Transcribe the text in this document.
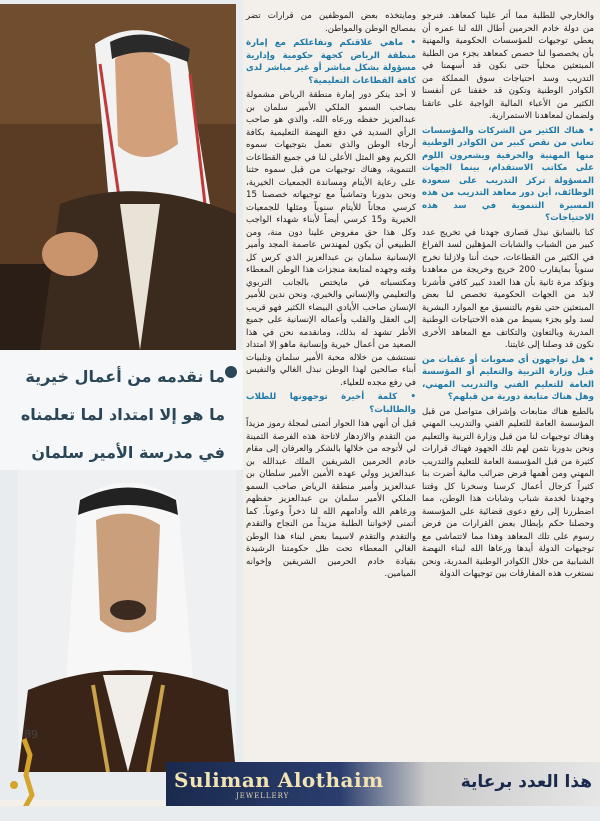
ما نقدمه من أعمال خيرية
ما هو إلا امتداد لما تعلمناه
في مدرسة الأمير سلمان

والخارجي للطلبة مما أثر علينا كمعاهد. فنرجو من دولة خادم الحرمين أطال الله لنا عمره أن يعطي توجيهات للمؤسسات الحكومية والمهنية بأن يخصصوا لنا حصص كمعاهد بجزء من الطلبة المبتعثين محلياً حتى نكون قد أسهمنا في التدريب وسد احتياجات سوق المملكة من الكوادر الوطنية وتكون قد خففنا عن أنفسنا الكثير من الأعباء المالية الواجبة على عاتقنا ولضمان لمعاهدنا الاستمرارية.

• هناك الكثير من الشركات والمؤسسات تعاني من نقص كبير من الكوادر الوطنية منها المهنية والحرفية ويشعرون اللوم على مكاتب الاستقدام، بينما الجهات المسؤولة تركز التدريب على سعودة الوظائف، أين دور معاهد التدريب من هذه المسيرة التنموية في سد هذه الاحتياجات؟

كنا بالسابق نبذل قصارى جهدنا في تخريج عدد كبير من الشباب والشابات المؤهلين لسد الفراغ في الكثير من القطاعات، حيث أننا ولازلنا نخرج سنوياً بمايقارب 200 خريج وخريجة من معاهدنا ونؤكد مرة ثانية بأن هذا العدد كبير كافي فأشرنا لابد من الجهات الحكومية تخصص لنا بعض المبتعثين حتى نقوم بالتنسيق مع الموارد البشرية لسد ولو بجزء بسيط من هذه الاحتياجات الوطنية المدربة وبالتعاون والتكاتف مع المعاهد الأخرى نكون قد وصلنا إلى غايتنا.

• هل تواجهون أي صعوبات أو عقبات من قبل وزارة التربية والتعليم أو المؤسسة العامة للتعليم الفني والتدريب المهني، وهل هناك متابعة دورية من قبلهم؟

بالطبع هناك متابعات وإشراف متواصل من قبل المؤسسة العامة للتعليم الفني والتدريب المهني وهناك توجيهات لنا من قبل وزارة التربية والتعليم ونحن بدورنا نثمن لهم تلك الجهود فهناك قرارات كثيرة من قبل المؤسسة العامة للتعليم والتدريب المهني ومن أهمها فرض ضرائب مالية أضرت بنا كثيراً كرجال أعمال كرسنا وسخرنا كل وقتنا وجهدنا لخدمة شباب وشابات هذا الوطن، مما اضطررنا إلى رفع دعوى قضائية على المؤسسة وحصلنا حكم بإبطال بعض القرارات من فرض رسوم على تلك المعاهد وهذا مما لاتتماشى مع توجيهات الدولة أيدها ورعاها الله لبناء النهضة الشبابية من خلال الكوادر الوطنية المدربة، ونحن نستغرب هذه المفارقات بين توجيهات الدولة

ومايتخذه بعض الموظفين من قرارات تضر بمصالح الوطن والمواطن.

• ماهي علاقتكم وتفاعلكم مع إمارة منطقة الرياض كجهة حكومية وإدارية مسؤولة بشكل مباشر أو غير مباشر لدى كافة القطاعات التعليمية؟

لا أحد ينكر دور إمارة منطقة الرياض مشمولة بصاحب السمو الملكي الأمير سلمان بن عبدالعزيز حفظه ورعاه الله، والذي هو صاحب الرأي السديد في دفع النهضة التعليمية بكافة أرجاء الوطن والذي نعمل بتوجيهات سموه الكريم وهو المثل الأعلى لنا في جميع القطاعات التنموية، وهناك توجيهات من قبل سموه حثنا على رعاية الأيتام ومساندة الجمعيات الخيرية، ونحن بدورنا وتماشياً مع توجيهاته خصصنا 15 كرسي مجاناً للأيتام سنوياً ومثلها للجمعيات الخيرية و15 كرسي أيضاً لأبناء شهداء الواجب وكل هذا حق مفروض علينا دون منة، ومن الطبيعي أن يكون لمهندس عاصمة المجد وأمير الإنسانية سلمان بن عبدالعزيز الذي كرس كل وقته وجهده لمتابعة منجزات هذا الوطن المعطاء ومكتسباته في مايختص بالجانب التربوي والتعليمي والإنساني والخيري، ونحن ندين للأمير الإنسان صاحب الأيادي البيضاء الكثير فهو قريب إلى العقل والقلب وأعماله الإنسانية على جميع الأطر تشهد له بذلك، ومانقدمه نحن في هذا الصعيد من أعمال خيرية وإنسانية ماهو إلا امتداد نستشف من خلاله محبة الأمير سلمان وتلبيات أبناء صالحين لهذا الوطن نبذل الغالي والنفيس في رفع مجده للعلياء.

• كلمة أخيرة توجهونها للطلاب والطالبات؟

قبل أن أنهي هذا الحوار أتمنى لمجلة رموز مزيداً من التقدم والازدهار لاتاحة هذه الفرصة الثمينة لي لأتوجه من خلالها بالشكر والعرفان إلى مقام خادم الحرمين الشريفين الملك عبدالله بن عبدالعزيز وولي عهده الأمين الأمير سلطان بن عبدالعزيز وأمير منطقة الرياض صاحب السمو الملكي الأمير سلمان بن عبدالعزيز حفظهم ورعاهم الله وأدامهم الله لنا ذخراً وعوناً. كما أتمنى لإخواننا الطلبة مزيداً من النجاح والتقدم والتقدم والتقدم لاسيما بعض لبناء هذا الوطن الغالي المعطاء تحت ظل حكومتنا الرشيدة بقيادة خادم الحرمين الشريفين وإخوانه الميامين.

89
Suliman Alothaim
JEWELLERY
هذا العدد برعاية
